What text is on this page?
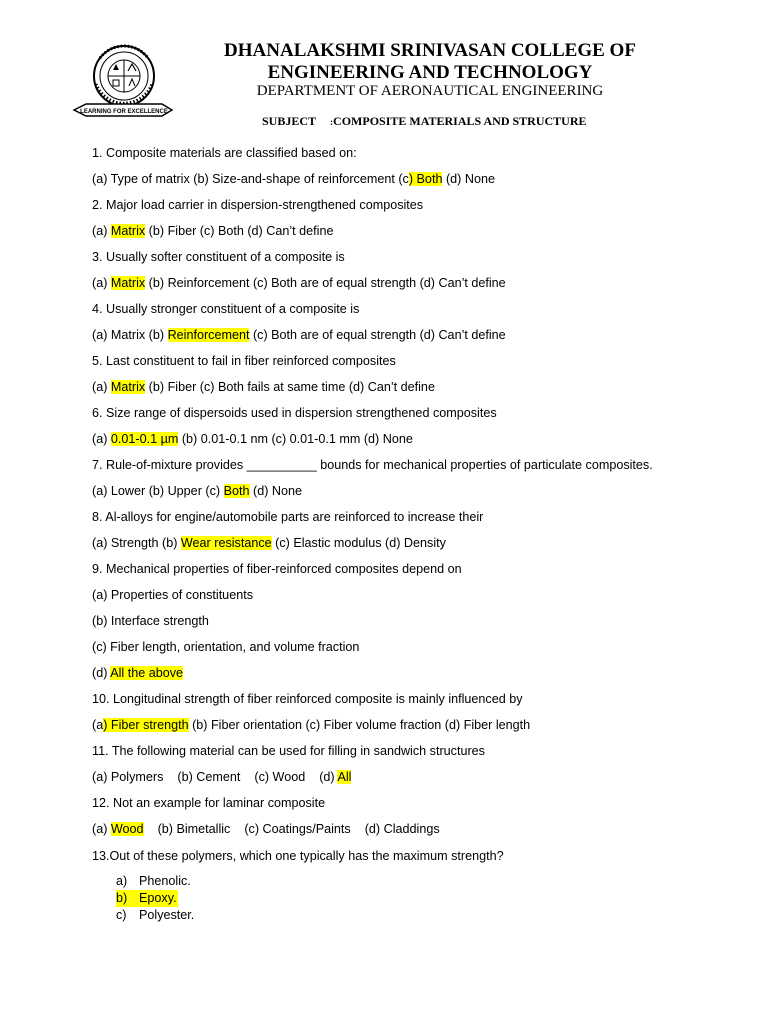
LEARNING FOR EXCELLENCE
DHANALAKSHMI SRINIVASAN COLLEGE OF
ENGINEERING AND TECHNOLOGY
DEPARTMENT OF AERONAUTICAL ENGINEERING
SUBJECT :COMPOSITE MATERIALS AND STRUCTURE
1. Composite materials are classified based on:
(a) Type of matrix (b) Size-and-shape of reinforcement (c) Both (d) None
2. Major load carrier in dispersion-strengthened composites
(a) Matrix (b) Fiber (c) Both (d) Can’t define
3. Usually softer constituent of a composite is
(a) Matrix (b) Reinforcement (c) Both are of equal strength (d) Can’t define
4. Usually stronger constituent of a composite is
(a) Matrix (b) Reinforcement (c) Both are of equal strength (d) Can’t define
5. Last constituent to fail in fiber reinforced composites
(a) Matrix (b) Fiber (c) Both fails at same time (d) Can’t define
6. Size range of dispersoids used in dispersion strengthened composites
(a) 0.01-0.1 µm (b) 0.01-0.1 nm (c) 0.01-0.1 mm (d) None
7. Rule-of-mixture provides __________ bounds for mechanical properties of particulate composites.
(a) Lower (b) Upper (c) Both (d) None
8. Al-alloys for engine/automobile parts are reinforced to increase their
(a) Strength (b) Wear resistance (c) Elastic modulus (d) Density
9. Mechanical properties of fiber-reinforced composites depend on
(a) Properties of constituents
(b) Interface strength
(c) Fiber length, orientation, and volume fraction
(d) All the above
10. Longitudinal strength of fiber reinforced composite is mainly influenced by
(a) Fiber strength (b) Fiber orientation (c) Fiber volume fraction (d) Fiber length
11. The following material can be used for filling in sandwich structures
(a) Polymers (b) Cement (c) Wood (d) All
12. Not an example for laminar composite
(a) Wood (b) Bimetallic (c) Coatings/Paints (d) Claddings
13.Out of these polymers, which one typically has the maximum strength?
a) Phenolic.
b) Epoxy.
c) Polyester.
